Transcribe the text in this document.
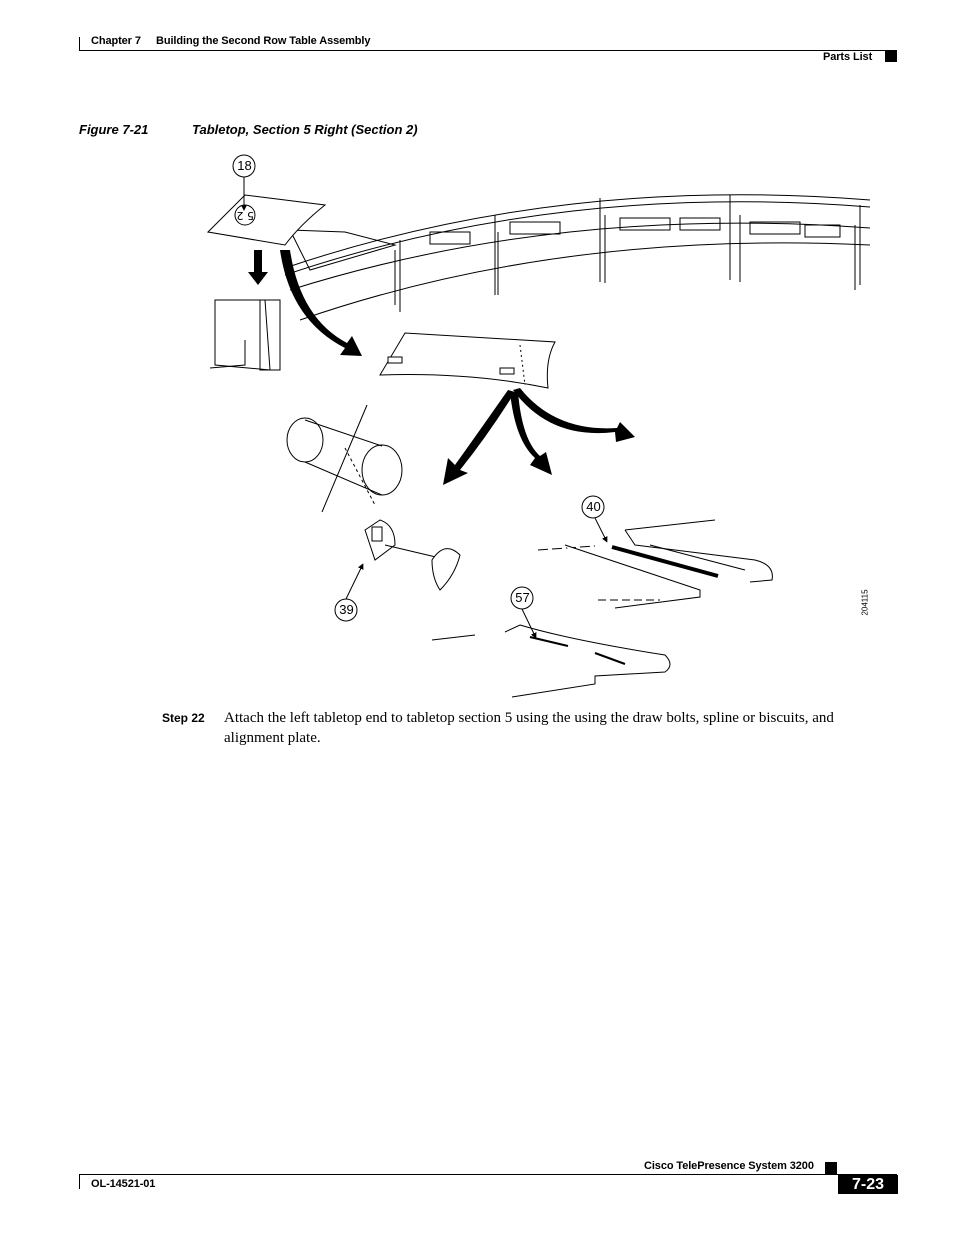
Chapter 7 Building the Second Row Table Assembly
Parts List
Figure 7-21	Tabletop, Section 5 Right (Section 2)
5 2
18
40
39
57	204115
Step 22 Attach the left tabletop end to tabletop section 5 using the using the draw bolts, spline or biscuits, and
alignment plate.
Cisco TelePresence System 3200
OL-14521-01	7-23
